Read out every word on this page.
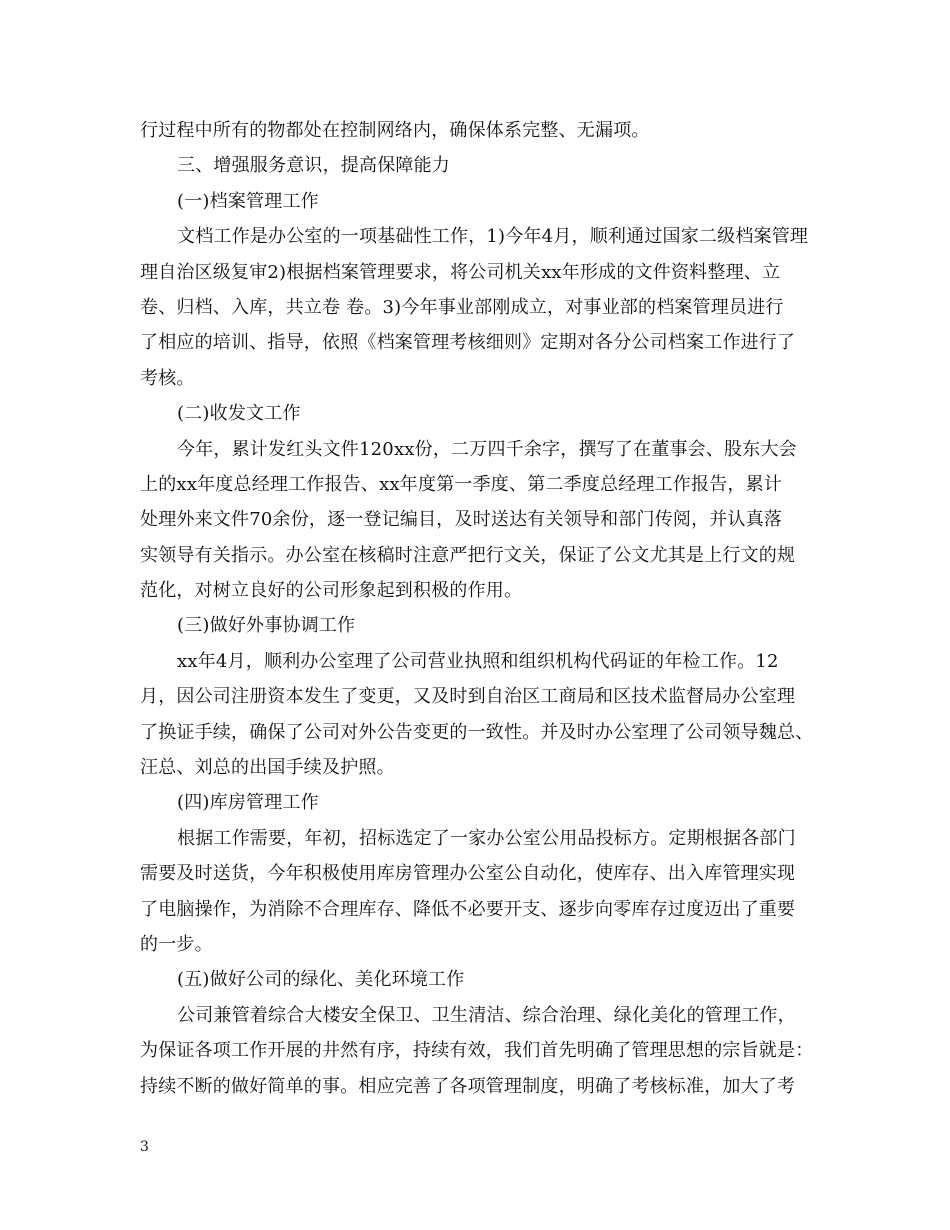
行过程中所有的物都处在控制网络内，确保体系完整、无漏项。
三、增强服务意识，提高保障能力
(一)档案管理工作
文档工作是办公室的一项基础性工作，1)今年4月，顺利通过国家二级档案管理
理自治区级复审2)根据档案管理要求，将公司机关xx年形成的文件资料整理、立
卷、归档、入库，共立卷 卷。3)今年事业部刚成立，对事业部的档案管理员进行
了相应的培训、指导，依照《档案管理考核细则》定期对各分公司档案工作进行了
考核。
(二)收发文工作
今年，累计发红头文件120xx份，二万四千余字，撰写了在董事会、股东大会
上的xx年度总经理工作报告、xx年度第一季度、第二季度总经理工作报告，累计
处理外来文件70余份，逐一登记编目，及时送达有关领导和部门传阅，并认真落
实领导有关指示。办公室在核稿时注意严把行文关，保证了公文尤其是上行文的规
范化，对树立良好的公司形象起到积极的作用。
(三)做好外事协调工作
xx年4月，顺利办公室理了公司营业执照和组织机构代码证的年检工作。12
月，因公司注册资本发生了变更，又及时到自治区工商局和区技术监督局办公室理
了换证手续，确保了公司对外公告变更的一致性。并及时办公室理了公司领导魏总、
汪总、刘总的出国手续及护照。
(四)库房管理工作
根据工作需要，年初，招标选定了一家办公室公用品投标方。定期根据各部门
需要及时送货，今年积极使用库房管理办公室公自动化，使库存、出入库管理实现
了电脑操作，为消除不合理库存、降低不必要开支、逐步向零库存过度迈出了重要
的一步。
(五)做好公司的绿化、美化环境工作
公司兼管着综合大楼安全保卫、卫生清洁、综合治理、绿化美化的管理工作，
为保证各项工作开展的井然有序，持续有效，我们首先明确了管理思想的宗旨就是：
持续不断的做好简单的事。相应完善了各项管理制度，明确了考核标准，加大了考
3
